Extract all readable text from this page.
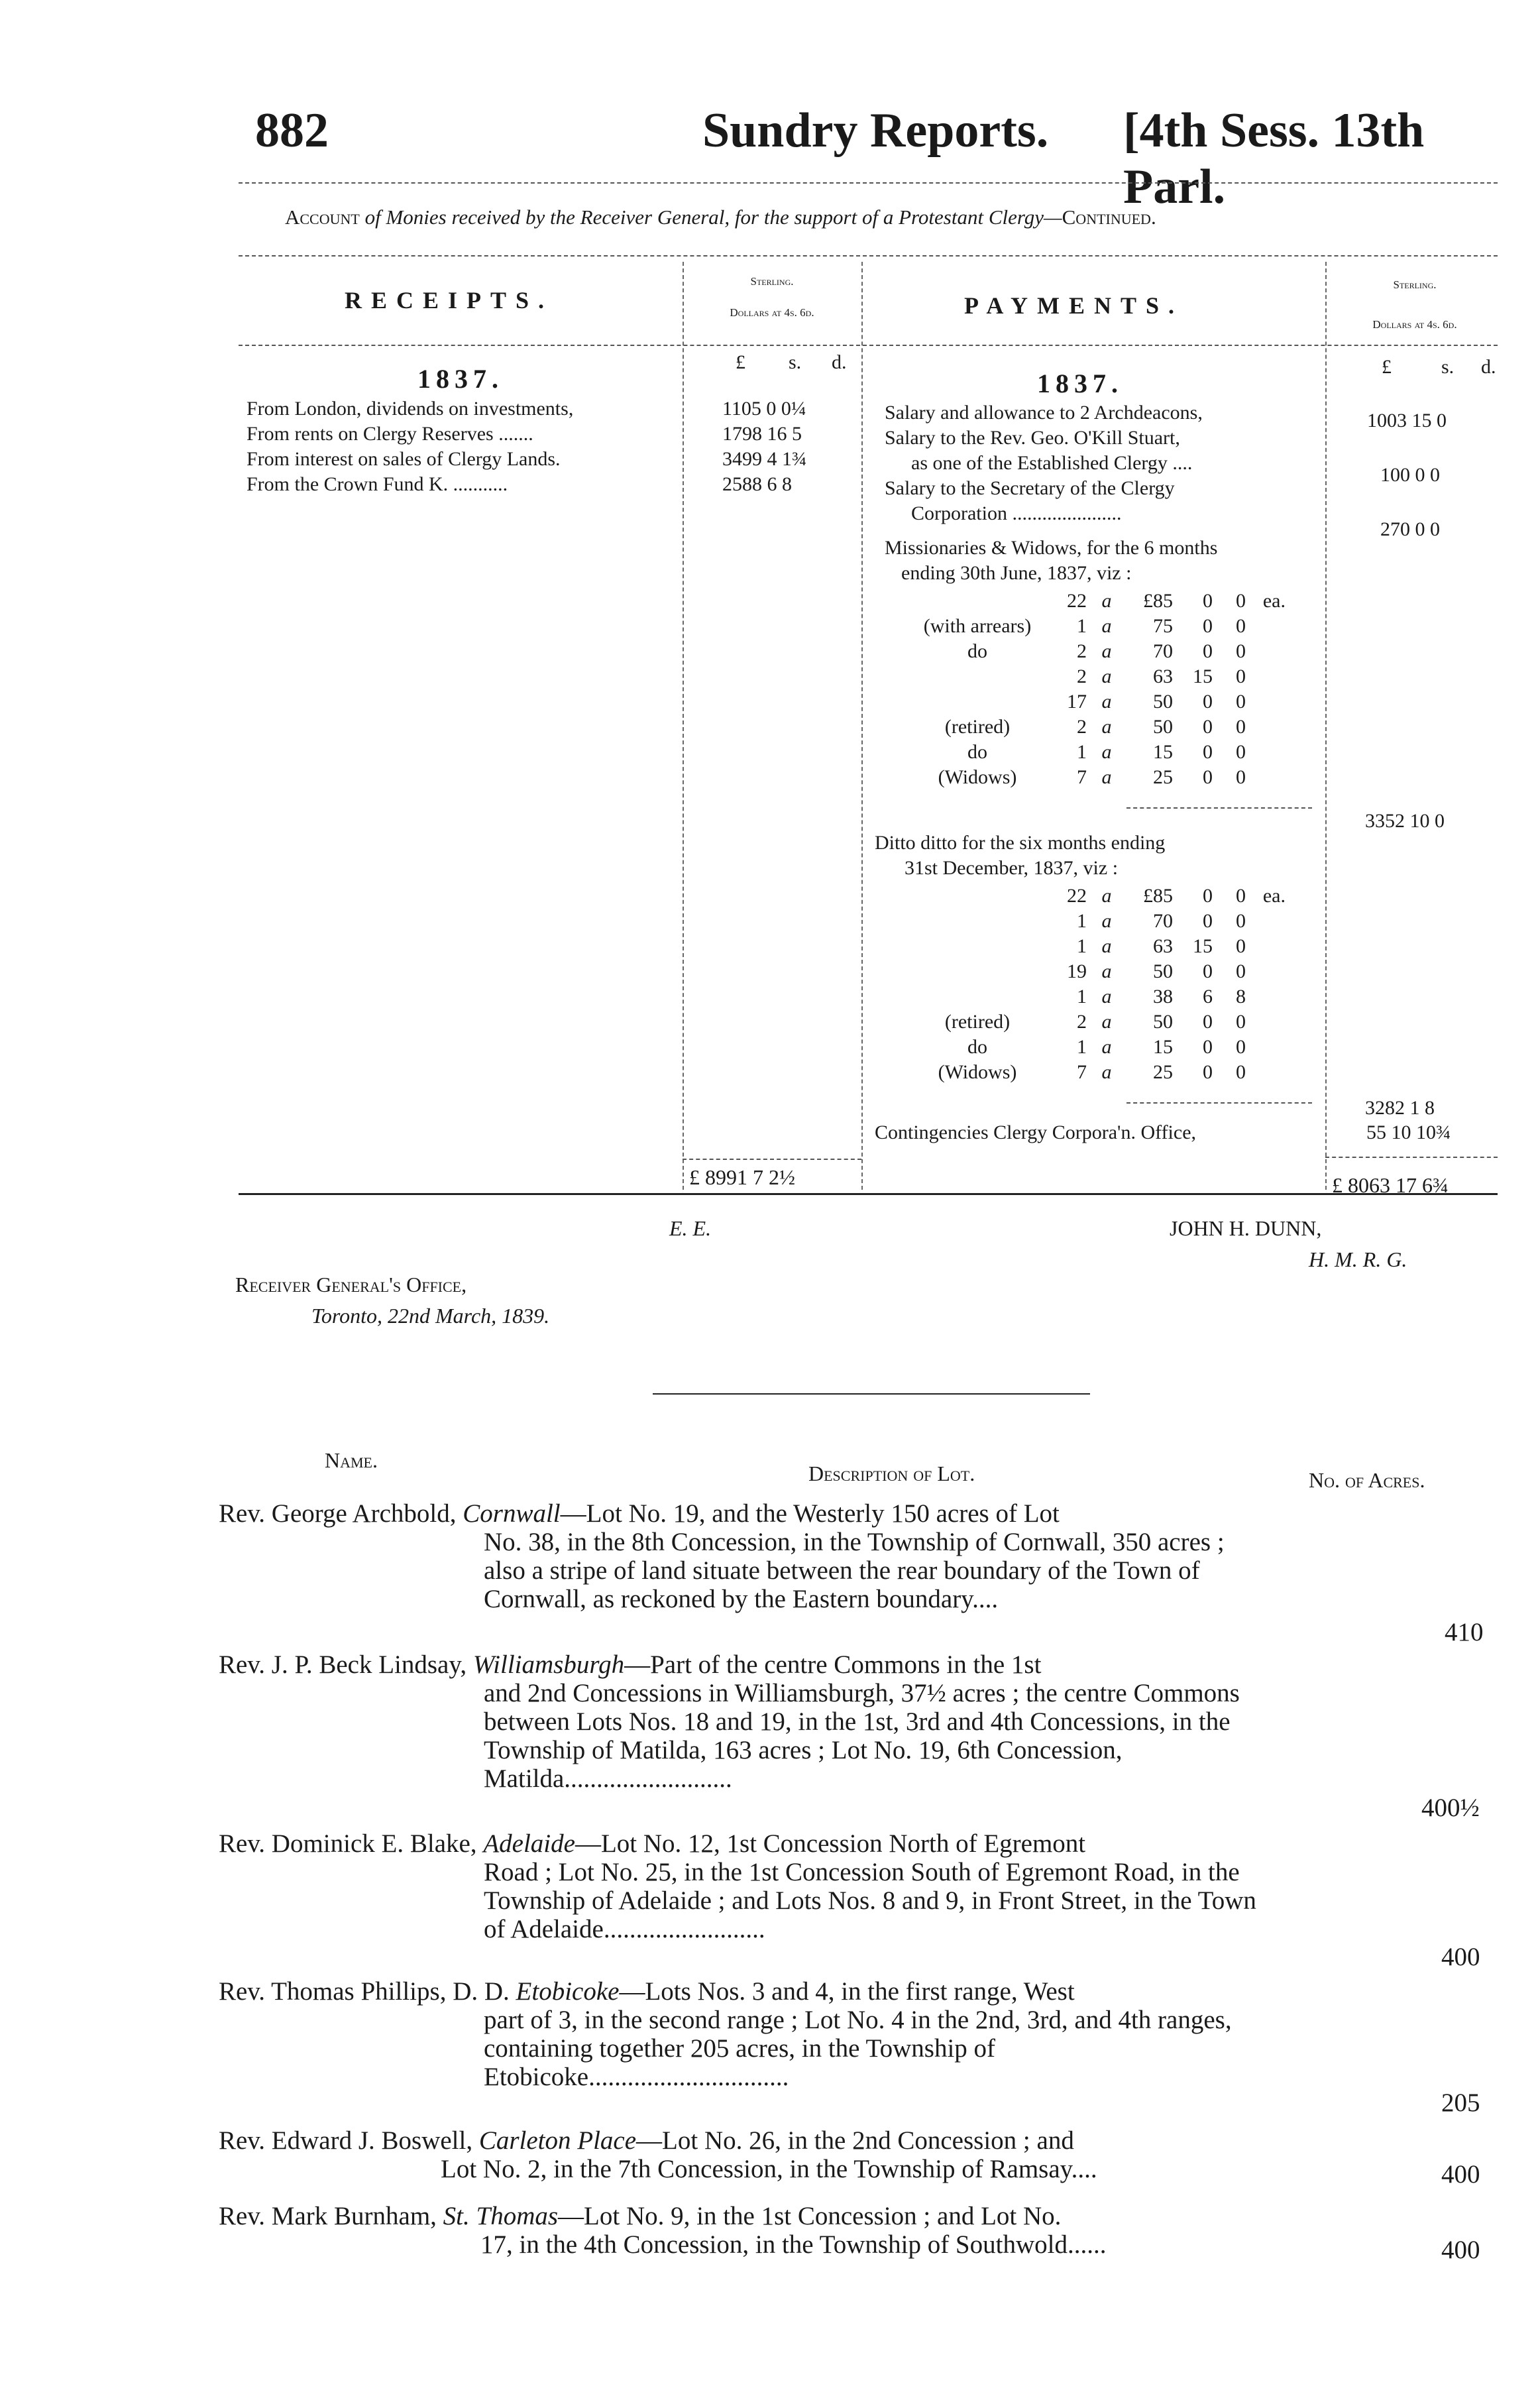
882	Sundry Reports. [4th Sess. 13th Parl.
Account of Monies received by the Receiver General, for the support of a Protestant Clergy—Continued.
RECEIPTS.
Sterling.
Dollars at 4s. 6d.
£ s. d.
1837.
From London, dividends on investments,	1105 0 0¼
From rents on Clergy Reserves .......	1798 16 5
From interest on sales of Clergy Lands.	3499 4 1¾
From the Crown Fund K. ...........	2588 6 8
PAYMENTS.
Sterling.
Dollars at 4s. 6d.
£	s. d.
1837.
Salary and allowance to 2 Archdeacons,	1003 15 0
Salary to the Rev. Geo. O'Kill Stuart,
as one of the Established Clergy ....
100 0 0
Salary to the Secretary of the Clergy
Corporation ......................
270 0 0
Missionaries & Widows, for the 6 months
ending 30th June, 1837, viz :
	22	a	£85	0	0	ea.
(with arrears)	1	a	75	0	0	
do	2	a	70	0	0	
	2	a	63	15	0	
	17	a	50	0	0	
(retired)	2	a	50	0	0	
do	1	a	15	0	0	
(Widows)	7	a	25	0	0	
3352 10 0
Ditto ditto for the six months ending
31st December, 1837, viz :
	22	a	£85	0	0	ea.
	1	a	70	0	0	
	1	a	63	15	0	
	19	a	50	0	0	
	1	a	38	6	8	
(retired)	2	a	50	0	0	
do	1	a	15	0	0	
(Widows)	7	a	25	0	0	
3282 1 8
Contingencies Clergy Corpora'n. Office,	55 10 10¾
£ 8991 7 2½	£ 8063 17 6¾
E. E.	JOHN H. DUNN,
H. M. R. G.
Receiver General's Office,
Toronto, 22nd March, 1839.
Name.
Description of Lot.	No. of Acres.
Rev. George Archbold, Cornwall—Lot No. 19, and the Westerly 150 acres of Lot
No. 38, in the 8th Concession, in the Township of Cornwall, 350 acres ; also a stripe of land situate between the rear boundary of the Town of Cornwall, as reckoned by the Eastern boundary....
410
Rev. J. P. Beck Lindsay, Williamsburgh—Part of the centre Commons in the 1st
and 2nd Concessions in Williamsburgh, 37½ acres ; the centre Commons between Lots Nos. 18 and 19, in the 1st, 3rd and 4th Concessions, in the Township of Matilda, 163 acres ; Lot No. 19, 6th Concession, Matilda..........................
400½
Rev. Dominick E. Blake, Adelaide—Lot No. 12, 1st Concession North of Egremont
Road ; Lot No. 25, in the 1st Concession South of Egremont Road, in the Township of Adelaide ; and Lots Nos. 8 and 9, in Front Street, in the Town of Adelaide.........................
400
Rev. Thomas Phillips, D. D. Etobicoke—Lots Nos. 3 and 4, in the first range, West
part of 3, in the second range ; Lot No. 4 in the 2nd, 3rd, and 4th ranges, containing together 205 acres, in the Township of Etobicoke...............................
205
Rev. Edward J. Boswell, Carleton Place—Lot No. 26, in the 2nd Concession ; and
Lot No. 2, in the 7th Concession, in the Township of Ramsay....	400
Rev. Mark Burnham, St. Thomas—Lot No. 9, in the 1st Concession ; and Lot No.
17, in the 4th Concession, in the Township of Southwold......	400
